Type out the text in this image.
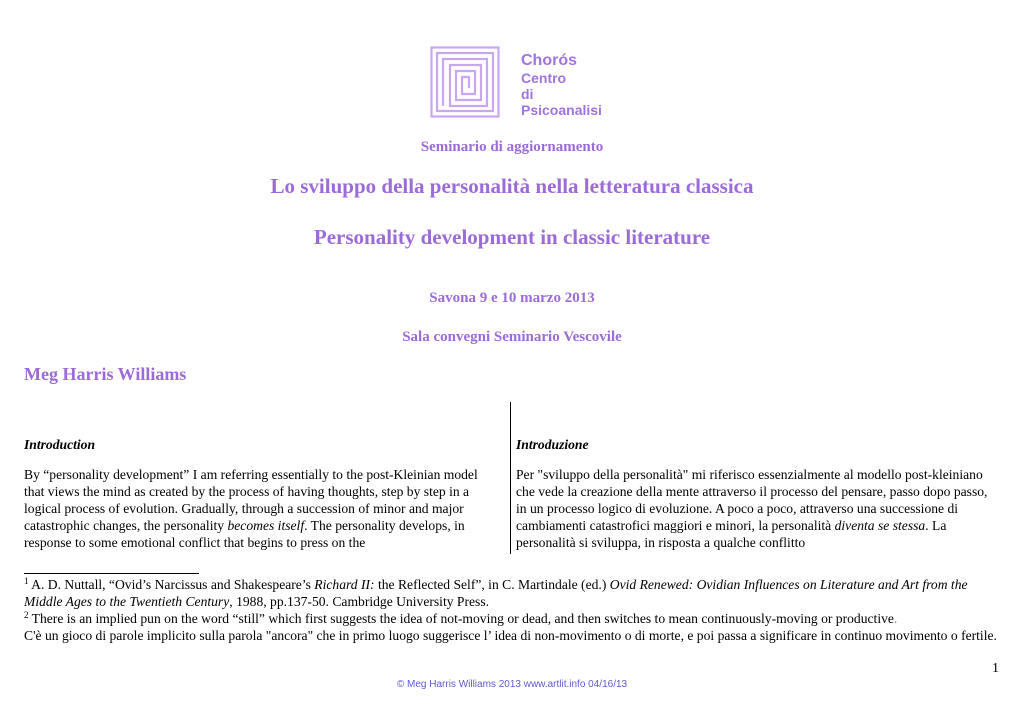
Chorós
Centro
di
Psicoanalisi
Seminario di aggiornamento
Lo sviluppo della personalità nella letteratura classica
Personality development in classic literature
Savona 9 e 10 marzo 2013
Sala convegni Seminario Vescovile
Meg Harris Williams
Introduction

By “personality development” I am referring essentially to the post-Kleinian model that views the mind as created by the process of having thoughts, step by step in a logical process of evolution. Gradually, through a succession of minor and major catastrophic changes, the personality becomes itself. The personality develops, in response to some emotional conflict that begins to press on the

Introduzione

Per "sviluppo della personalità" mi riferisco essenzialmente al modello post-kleiniano che vede la creazione della mente attraverso il processo del pensare, passo dopo passo, in un processo logico di evoluzione. A poco a poco, attraverso una successione di cambiamenti catastrofici maggiori e minori, la personalità diventa se stessa. La personalità si sviluppa, in risposta a qualche conflitto

$^1$ A. D. Nuttall, “Ovid’s Narcissus and Shakespeare’s Richard II: the Reflected Self”, in C. Martindale (ed.) Ovid Renewed: Ovidian Influences on Literature and Art from the Middle Ages to the Twentieth Century, 1988, pp.137-50. Cambridge University Press.

$^2$ There is an implied pun on the word “still” which first suggests the idea of not-moving or dead, and then switches to mean continuously-moving or productive.
C'è un gioco di parole implicito sulla parola "ancora" che in primo luogo suggerisce l’ idea di non-movimento o di morte, e poi passa a significare in continuo movimento o fertile.

1
© Meg Harris Williams 2013 www.artlit.info 04/16/13
